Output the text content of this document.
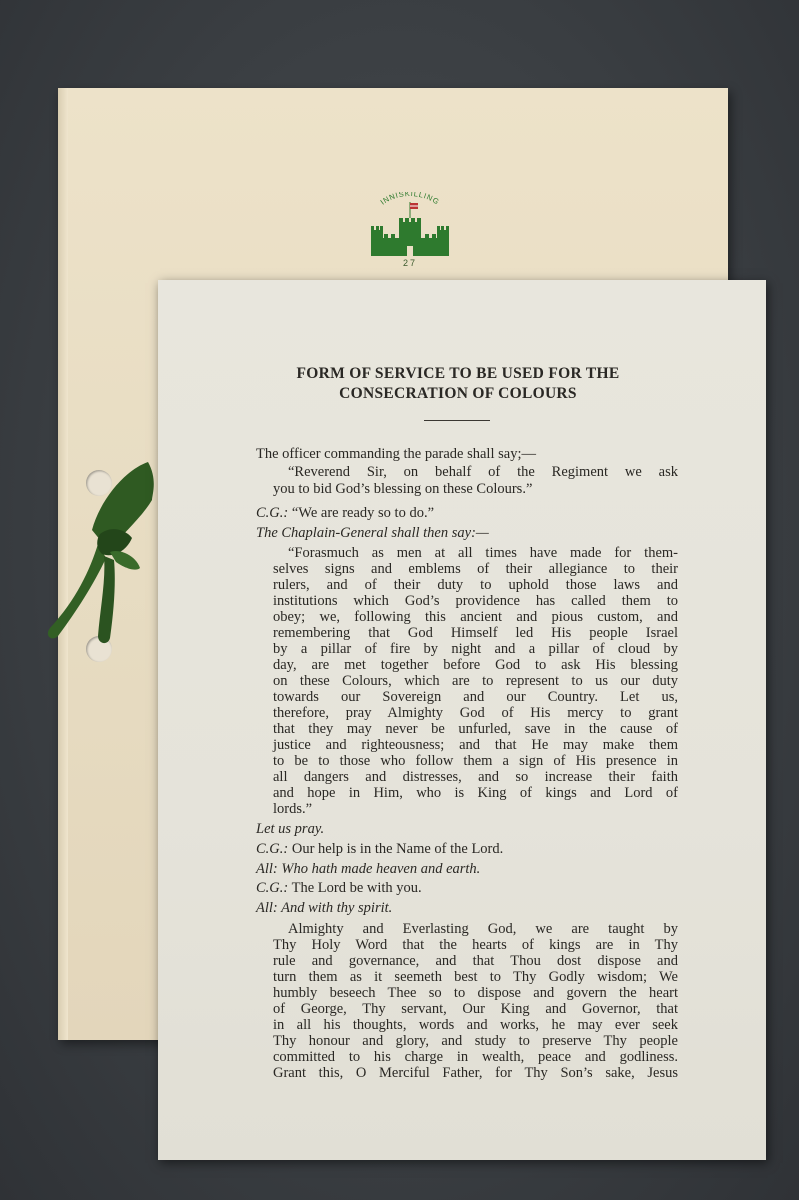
INNISKILLING
27
FORM OF SERVICE TO BE USED FOR THE
CONSECRATION OF COLOURS
The officer commanding the parade shall say;—
“Reverend Sir, on behalf of the Regiment we ask
you to bid God’s blessing on these Colours.”
C.G.: “We are ready so to do.”
The Chaplain-General shall then say:—
“Forasmuch as men at all times have made for them-
selves signs and emblems of their allegiance to their
rulers, and of their duty to uphold those laws and
institutions which God’s providence has called them to
obey; we, following this ancient and pious custom, and
remembering that God Himself led His people Israel
by a pillar of fire by night and a pillar of cloud by
day, are met together before God to ask His blessing
on these Colours, which are to represent to us our duty
towards our Sovereign and our Country. Let us,
therefore, pray Almighty God of His mercy to grant
that they may never be unfurled, save in the cause of
justice and righteousness; and that He may make them
to be to those who follow them a sign of His presence in
all dangers and distresses, and so increase their faith
and hope in Him, who is King of kings and Lord of
lords.”
Let us pray.
C.G.: Our help is in the Name of the Lord.
All: Who hath made heaven and earth.
C.G.: The Lord be with you.
All: And with thy spirit.
Almighty and Everlasting God, we are taught by
Thy Holy Word that the hearts of kings are in Thy
rule and governance, and that Thou dost dispose and
turn them as it seemeth best to Thy Godly wisdom; We
humbly beseech Thee so to dispose and govern the heart
of George, Thy servant, Our King and Governor, that
in all his thoughts, words and works, he may ever seek
Thy honour and glory, and study to preserve Thy people
committed to his charge in wealth, peace and godliness.
Grant this, O Merciful Father, for Thy Son’s sake, Jesus
